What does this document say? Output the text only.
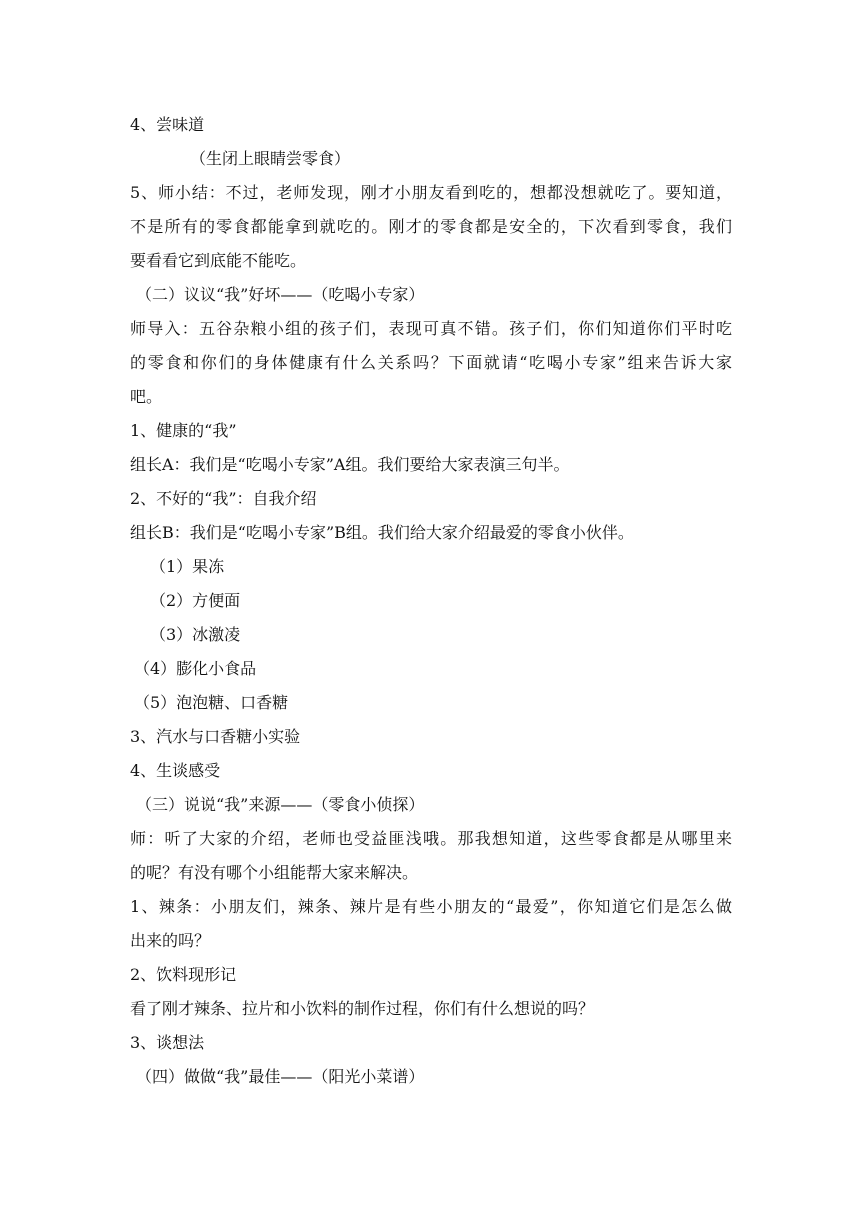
4、尝味道
（生闭上眼睛尝零食）
5、师小结：不过，老师发现，刚才小朋友看到吃的，想都没想就吃了。要知道，
不是所有的零食都能拿到就吃的。刚才的零食都是安全的，下次看到零食，我们
要看看它到底能不能吃。
（二）议议“我”好坏——（吃喝小专家）
师导入：五谷杂粮小组的孩子们，表现可真不错。孩子们，你们知道你们平时吃
的零食和你们的身体健康有什么关系吗？下面就请“吃喝小专家”组来告诉大家
吧。
1、健康的“我”
组长A：我们是“吃喝小专家”A组。我们要给大家表演三句半。
2、不好的“我”：自我介绍
组长B：我们是“吃喝小专家”B组。我们给大家介绍最爱的零食小伙伴。
（1）果冻
（2）方便面
（3）冰激凌
（4）膨化小食品
（5）泡泡糖、口香糖
3、汽水与口香糖小实验
4、生谈感受
（三）说说“我”来源——（零食小侦探）
师：听了大家的介绍，老师也受益匪浅哦。那我想知道，这些零食都是从哪里来
的呢？有没有哪个小组能帮大家来解决。
1、辣条：小朋友们，辣条、辣片是有些小朋友的“最爱”，你知道它们是怎么做
出来的吗？
2、饮料现形记
看了刚才辣条、拉片和小饮料的制作过程，你们有什么想说的吗？
3、谈想法
（四）做做“我”最佳——（阳光小菜谱）
